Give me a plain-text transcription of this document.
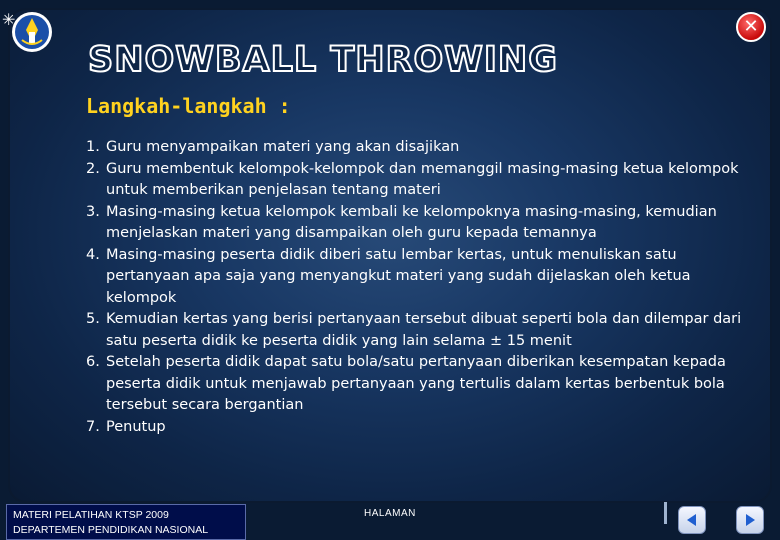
✳	✕
SNOWBALL THROWING
Langkah-langkah :
1. Guru menyampaikan materi yang akan disajikan
2. Guru membentuk kelompok-kelompok dan memanggil masing-masing ketua kelompok untuk memberikan penjelasan tentang materi
3. Masing-masing ketua kelompok kembali ke kelompoknya masing-masing, kemudian menjelaskan materi yang disampaikan oleh guru kepada temannya
4. Masing-masing peserta didik diberi satu lembar kertas, untuk menuliskan satu pertanyaan apa saja yang menyangkut materi yang sudah dijelaskan oleh ketua kelompok
5. Kemudian kertas yang berisi pertanyaan tersebut dibuat seperti bola dan dilempar dari satu peserta didik ke peserta didik yang lain selama ± 15 menit
6. Setelah peserta didik dapat satu bola/satu pertanyaan diberikan kesempatan kepada peserta didik untuk menjawab pertanyaan yang tertulis dalam kertas berbentuk bola tersebut secara bergantian
7. Penutup
MATERI PELATIHAN KTSP 2009
DEPARTEMEN PENDIDIKAN NASIONAL
HALAMAN
